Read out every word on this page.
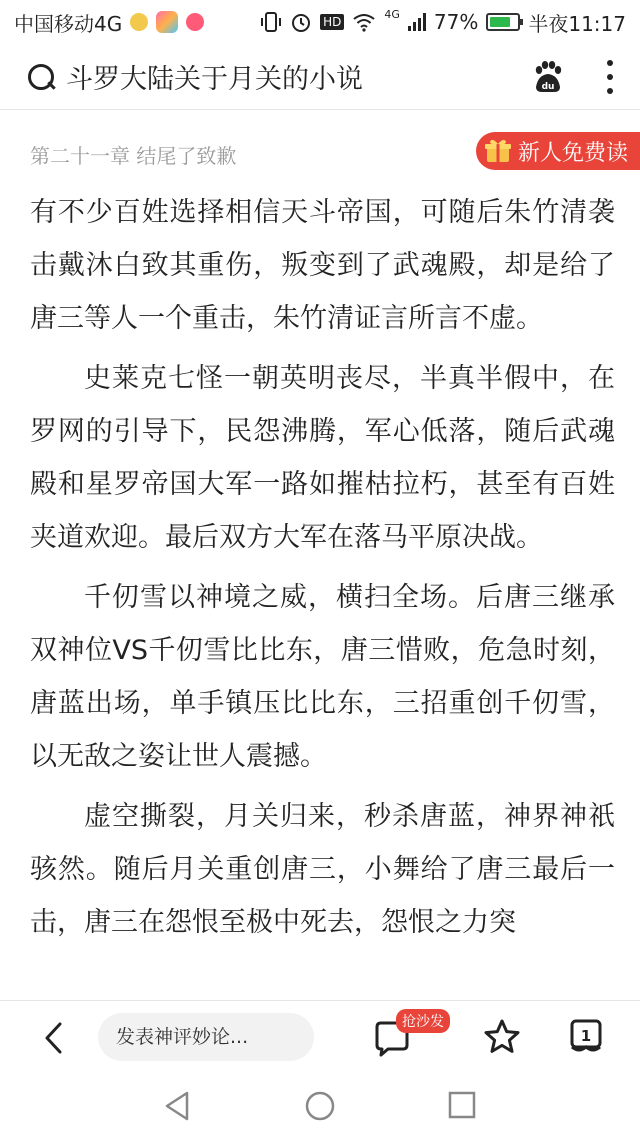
中国移动4G	HD
4G 77%	半夜11:17
斗罗大陆关于月关的小说	du
第二十一章 结尾了致歉	新人免费读

有不少百姓选择相信天斗帝国，可随后朱竹清袭击戴沐白致其重伤，叛变到了武魂殿，却是给了唐三等人一个重击，朱竹清证言所言不虚。

史莱克七怪一朝英明丧尽，半真半假中，在罗网的引导下，民怨沸腾，军心低落，随后武魂殿和星罗帝国大军一路如摧枯拉朽，甚至有百姓夹道欢迎。最后双方大军在落马平原决战。

千仞雪以神境之威，横扫全场。后唐三继承双神位VS千仞雪比比东，唐三惜败，危急时刻，唐蓝出场，单手镇压比比东，三招重创千仞雪，以无敌之姿让世人震撼。

虚空撕裂，月关归来，秒杀唐蓝，神界神祇骇然。随后月关重创唐三，小舞给了唐三最后一击，唐三在怨恨至极中死去，怨恨之力突

发表神评妙论...
抢沙发
1
